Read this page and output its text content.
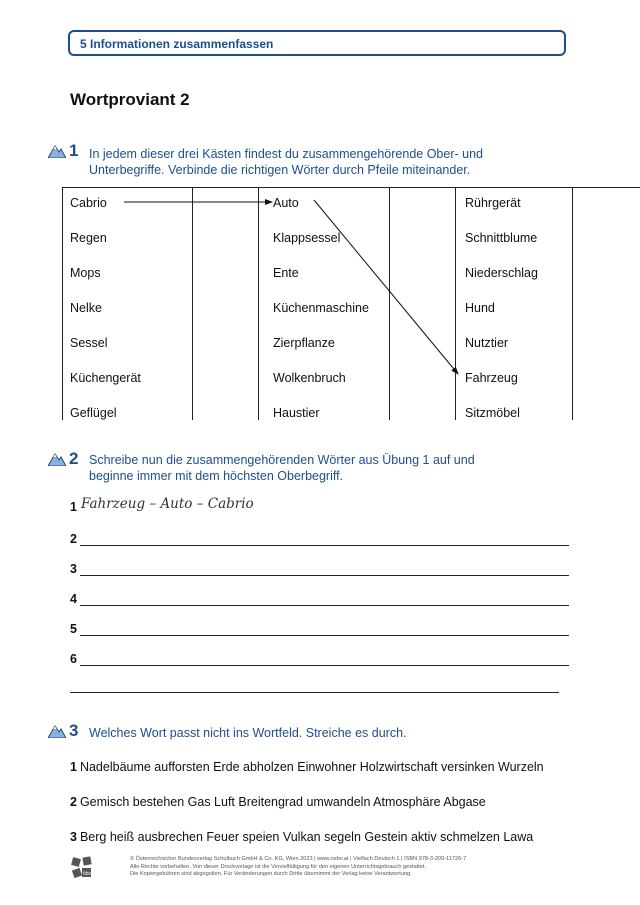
5 Informationen zusammenfassen
Wortproviant 2
1 In jedem dieser drei Kästen findest du zusammengehörende Ober- und
Unterbegriffe. Verbinde die richtigen Wörter durch Pfeile miteinander.
Cabrio
Regen
Mops
Nelke
Sessel
Küchengerät
Geflügel
Auto
Klappsessel
Ente
Küchenmaschine
Zierpflanze
Wolkenbruch
Haustier
Rührgerät
Schnittblume
Niederschlag
Hund
Nutztier
Fahrzeug
Sitzmöbel
2 Schreibe nun die zusammengehörenden Wörter aus Übung 1 auf und
beginne immer mit dem höchsten Oberbegriff.
1 Fahrzeug – Auto – Cabrio
2
3
4
5
6
3 Welches Wort passt nicht ins Wortfeld. Streiche es durch.
1 Nadelbäume aufforsten Erde abholzen Einwohner Holzwirtschaft versinken Wurzeln
2 Gemisch bestehen Gas Luft Breitengrad umwandeln Atmosphäre Abgase
3 Berg heiß ausbrechen Feuer speien Vulkan segeln Gestein aktiv schmelzen Lawa
öbv
© Österreichischer Bundesverlag Schulbuch GmbH & Co. KG, Wien 2023 | www.oebv.at | Vielfach Deutsch 1 | ISBN 978-3-209-11726-7
Alle Rechte vorbehalten. Von dieser Druckvorlage ist die Vervielfältigung für den eigenen Unterrichtsgebrauch gestattet.
Die Kopiergebühren sind abgegolten. Für Veränderungen durch Dritte übernimmt der Verlag keine Verantwortung.
